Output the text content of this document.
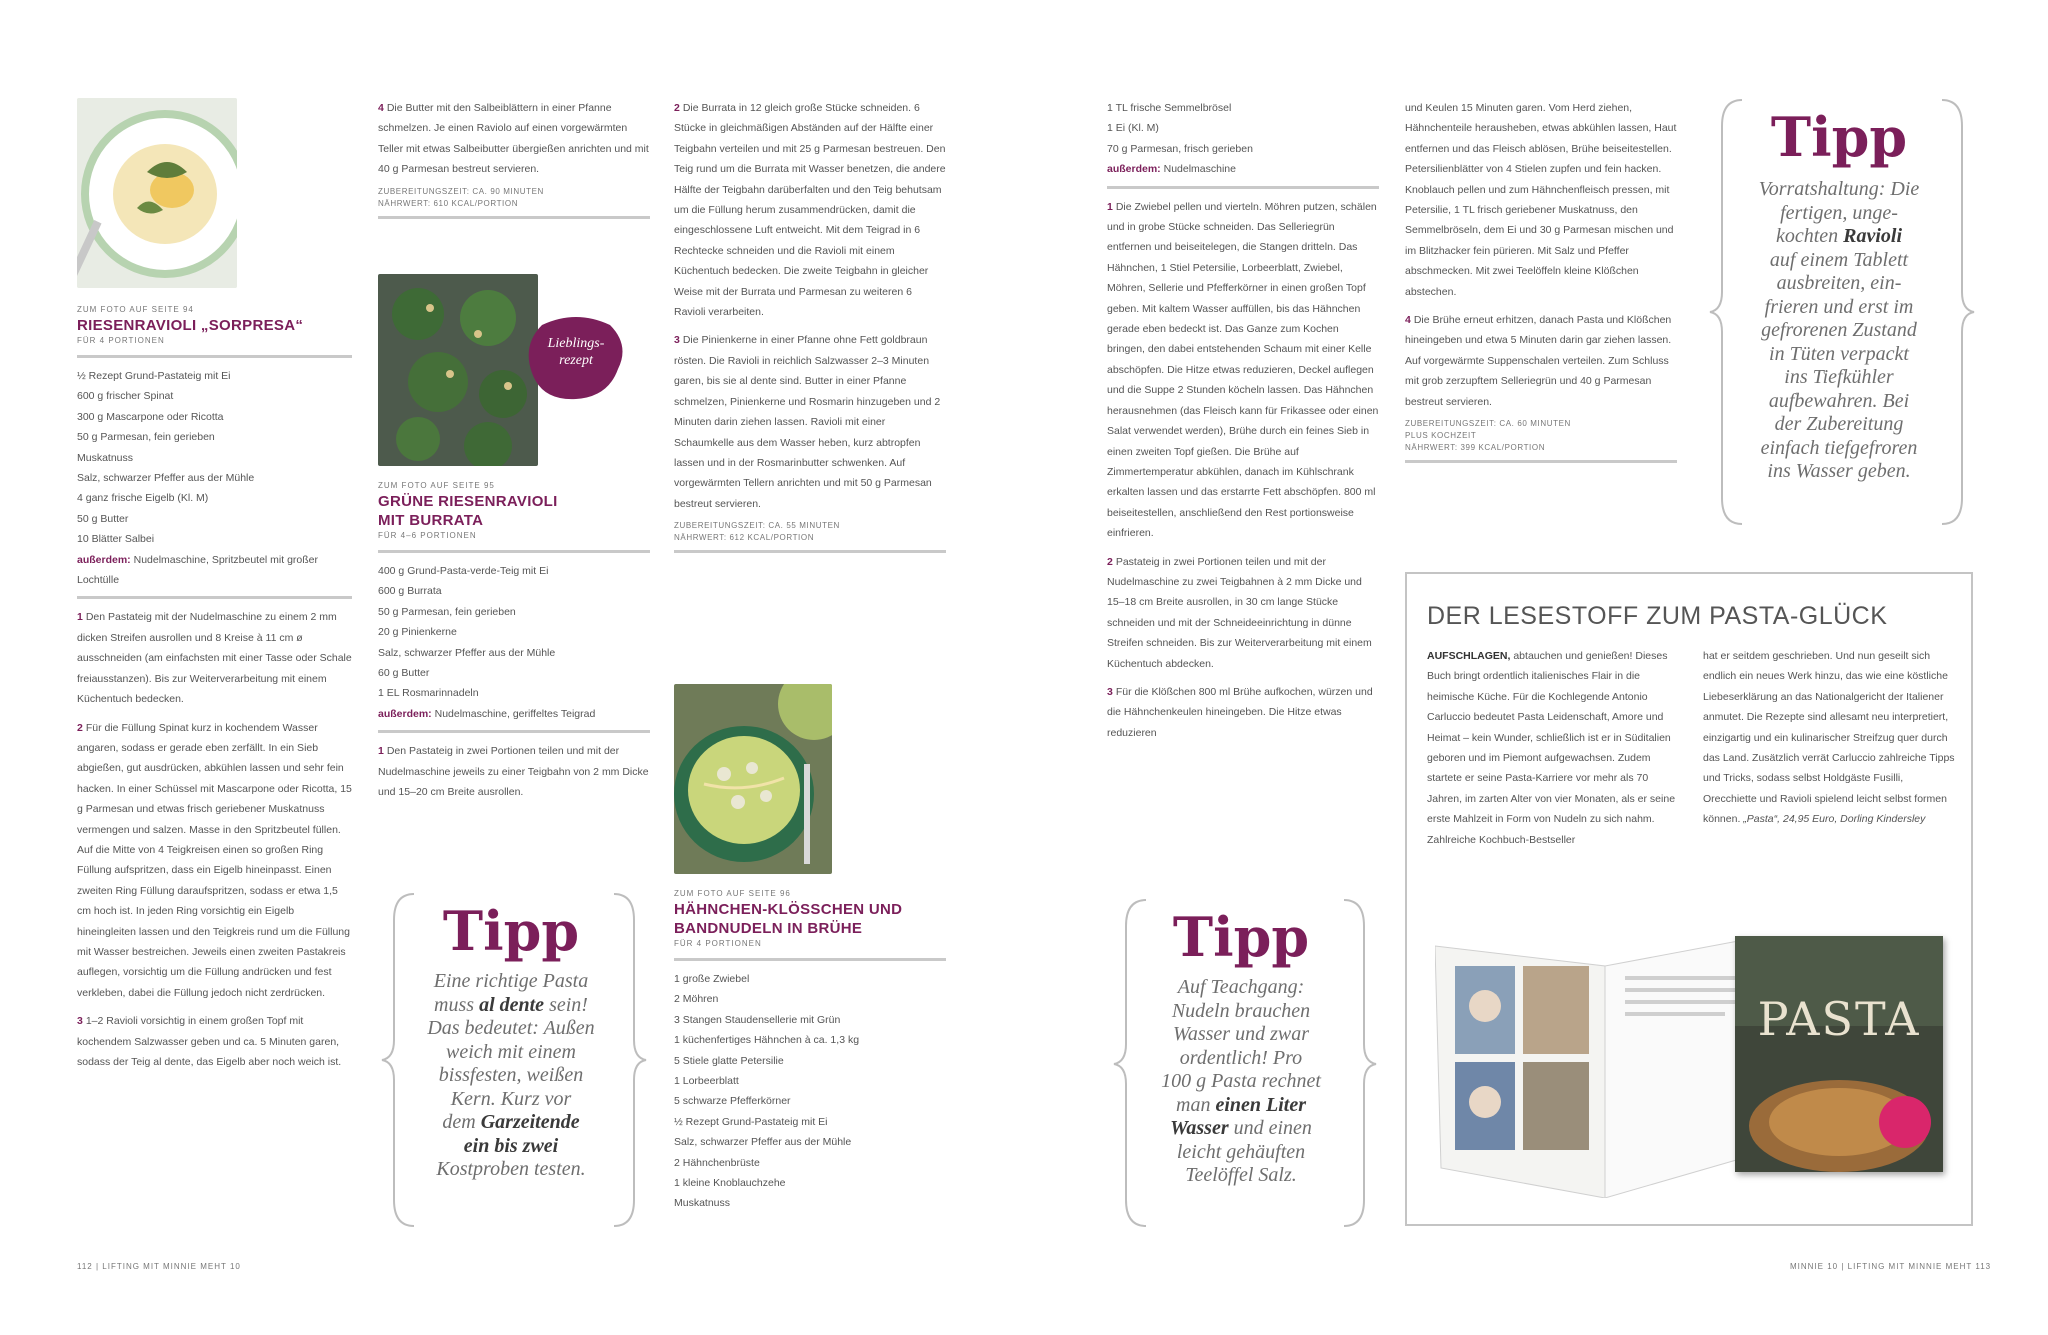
ZUM FOTO AUF SEITE 94
RIESENRAVIOLI „SORPRESA“
FÜR 4 PORTIONEN

½ Rezept Grund-Pastateig mit Ei

600 g frischer Spinat

300 g Mascarpone oder Ricotta

50 g Parmesan, fein gerieben

Muskatnuss

Salz, schwarzer Pfeffer aus der Mühle

4 ganz frische Eigelb (Kl. M)

50 g Butter

10 Blätter Salbei

außerdem: Nudelmaschine, Spritzbeutel mit großer Lochtülle

1 Den Pastateig mit der Nudelmaschine zu einem 2 mm dicken Streifen ausrollen und 8 Kreise à 11 cm ø ausschneiden (am einfachsten mit einer Tasse oder Schale freiausstanzen). Bis zur Weiterverarbeitung mit einem Küchentuch bedecken.

2 Für die Füllung Spinat kurz in kochendem Wasser angaren, sodass er gerade eben zerfällt. In ein Sieb abgießen, gut ausdrücken, abkühlen lassen und sehr fein hacken. In einer Schüssel mit Mascarpone oder Ricotta, 15 g Parmesan und etwas frisch geriebener Muskatnuss vermengen und salzen. Masse in den Spritzbeutel füllen. Auf die Mitte von 4 Teigkreisen einen so großen Ring Füllung aufspritzen, dass ein Eigelb hineinpasst. Einen zweiten Ring Füllung daraufspritzen, sodass er etwa 1,5 cm hoch ist. In jeden Ring vorsichtig ein Eigelb hineingleiten lassen und den Teigkreis rund um die Füllung mit Wasser bestreichen. Jeweils einen zweiten Pastakreis auflegen, vorsichtig um die Füllung andrücken und fest verkleben, dabei die Füllung jedoch nicht zerdrücken.

3 1–2 Ravioli vorsichtig in einem großen Topf mit kochendem Salzwasser geben und ca. 5 Minuten garen, sodass der Teig al dente, das Eigelb aber noch weich ist.

4 Die Butter mit den Salbeiblättern in einer Pfanne schmelzen. Je einen Raviolo auf einen vorgewärmten Teller mit etwas Salbeibutter übergießen anrichten und mit 40 g Parmesan bestreut servieren.

ZUBEREITUNGSZEIT: CA. 90 MINUTEN
NÄHRWERT: 610 KCAL/PORTION
Lieblings-rezept
ZUM FOTO AUF SEITE 95
GRÜNE RIESENRAVIOLI
MIT BURRATA
FÜR 4–6 PORTIONEN

400 g Grund-Pasta-verde-Teig mit Ei

600 g Burrata

50 g Parmesan, fein gerieben

20 g Pinienkerne

Salz, schwarzer Pfeffer aus der Mühle

60 g Butter

1 EL Rosmarinnadeln

außerdem: Nudelmaschine, geriffeltes Teigrad

1 Den Pastateig in zwei Portionen teilen und mit der Nudelmaschine jeweils zu einer Teigbahn von 2 mm Dicke und 15–20 cm Breite ausrollen.

Tipp
Eine richtige Pasta
muss al dente sein!
Das bedeutet: Außen
weich mit einem
bissfesten, weißen
Kern. Kurz vor
dem Garzeitende
ein bis zwei
Kostproben testen.

2 Die Burrata in 12 gleich große Stücke schneiden. 6 Stücke in gleichmäßigen Abständen auf der Hälfte einer Teigbahn verteilen und mit 25 g Parmesan bestreuen. Den Teig rund um die Burrata mit Wasser benetzen, die andere Hälfte der Teigbahn darüberfalten und den Teig behutsam um die Füllung herum zusammendrücken, damit die eingeschlossene Luft entweicht. Mit dem Teigrad in 6 Rechtecke schneiden und die Ravioli mit einem Küchentuch bedecken. Die zweite Teigbahn in gleicher Weise mit der Burrata und Parmesan zu weiteren 6 Ravioli verarbeiten.

3 Die Pinienkerne in einer Pfanne ohne Fett goldbraun rösten. Die Ravioli in reichlich Salzwasser 2–3 Minuten garen, bis sie al dente sind. Butter in einer Pfanne schmelzen, Pinienkerne und Rosmarin hinzugeben und 2 Minuten darin ziehen lassen. Ravioli mit einer Schaumkelle aus dem Wasser heben, kurz abtropfen lassen und in der Rosmarinbutter schwenken. Auf vorgewärmten Tellern anrichten und mit 50 g Parmesan bestreut servieren.

ZUBEREITUNGSZEIT: CA. 55 MINUTEN
NÄHRWERT: 612 KCAL/PORTION
ZUM FOTO AUF SEITE 96
HÄHNCHEN-KLÖSSCHEN UND
BANDNUDELN IN BRÜHE
FÜR 4 PORTIONEN

1 große Zwiebel

2 Möhren

3 Stangen Staudensellerie mit Grün

1 küchenfertiges Hähnchen à ca. 1,3 kg

5 Stiele glatte Petersilie

1 Lorbeerblatt

5 schwarze Pfefferkörner

½ Rezept Grund-Pastateig mit Ei

Salz, schwarzer Pfeffer aus der Mühle

2 Hähnchenbrüste

1 kleine Knoblauchzehe

Muskatnuss

112 | LIFTING MIT MINNIE MEHT 10

1 TL frische Semmelbrösel

1 Ei (Kl. M)

70 g Parmesan, frisch gerieben

außerdem: Nudelmaschine

1 Die Zwiebel pellen und vierteln. Möhren putzen, schälen und in grobe Stücke schneiden. Das Selleriegrün entfernen und beiseitelegen, die Stangen dritteln. Das Hähnchen, 1 Stiel Petersilie, Lorbeerblatt, Zwiebel, Möhren, Sellerie und Pfefferkörner in einen großen Topf geben. Mit kaltem Wasser auffüllen, bis das Hähnchen gerade eben bedeckt ist. Das Ganze zum Kochen bringen, den dabei entstehenden Schaum mit einer Kelle abschöpfen. Die Hitze etwas reduzieren, Deckel auflegen und die Suppe 2 Stunden köcheln lassen. Das Hähnchen herausnehmen (das Fleisch kann für Frikassee oder einen Salat verwendet werden), Brühe durch ein feines Sieb in einen zweiten Topf gießen. Die Brühe auf Zimmertemperatur abkühlen, danach im Kühlschrank erkalten lassen und das erstarrte Fett abschöpfen. 800 ml beiseitestellen, anschließend den Rest portionsweise einfrieren.

2 Pastateig in zwei Portionen teilen und mit der Nudelmaschine zu zwei Teigbahnen à 2 mm Dicke und 15–18 cm Breite ausrollen, in 30 cm lange Stücke schneiden und mit der Schneideeinrichtung in dünne Streifen schneiden. Bis zur Weiterverarbeitung mit einem Küchentuch abdecken.

3 Für die Klößchen 800 ml Brühe aufkochen, würzen und die Hähnchenkeulen hineingeben. Die Hitze etwas reduzieren

und Keulen 15 Minuten garen. Vom Herd ziehen, Hähnchenteile herausheben, etwas abkühlen lassen, Haut entfernen und das Fleisch ablösen, Brühe beiseitestellen. Petersilienblätter von 4 Stielen zupfen und fein hacken. Knoblauch pellen und zum Hähnchenfleisch pressen, mit Petersilie, 1 TL frisch geriebener Muskatnuss, den Semmelbröseln, dem Ei und 30 g Parmesan mischen und im Blitzhacker fein pürieren. Mit Salz und Pfeffer abschmecken. Mit zwei Teelöffeln kleine Klößchen abstechen.

4 Die Brühe erneut erhitzen, danach Pasta und Klößchen hineingeben und etwa 5 Minuten darin gar ziehen lassen. Auf vorgewärmte Suppenschalen verteilen. Zum Schluss mit grob zerzupftem Selleriegrün und 40 g Parmesan bestreut servieren.

ZUBEREITUNGSZEIT: CA. 60 MINUTEN
PLUS KOCHZEIT
NÄHRWERT: 399 KCAL/PORTION
Tipp
Vorratshaltung: Die
fertigen, unge-
kochten Ravioli
auf einem Tablett
ausbreiten, ein-
frieren und erst im
gefrorenen Zustand
in Tüten verpackt
ins Tiefkühler
aufbewahren. Bei
der Zubereitung
einfach tiefgefroren
ins Wasser geben.
Tipp
Auf Teachgang:
Nudeln brauchen
Wasser und zwar
ordentlich! Pro
100 g Pasta rechnet
man einen Liter
Wasser und einen
leicht gehäuften
Teelöffel Salz.
DER LESESTOFF ZUM PASTA-GLÜCK
AUFSCHLAGEN, abtauchen und genießen! Dieses Buch bringt ordentlich italienisches Flair in die heimische Küche. Für die Kochlegende Antonio Carluccio bedeutet Pasta Leidenschaft, Amore und Heimat – kein Wunder, schließlich ist er in Süditalien geboren und im Piemont aufgewachsen. Zudem startete er seine Pasta-Karriere vor mehr als 70 Jahren, im zarten Alter von vier Monaten, als er seine erste Mahlzeit in Form von Nudeln zu sich nahm. Zahlreiche Kochbuch-Bestseller
hat er seitdem geschrieben. Und nun geseilt sich endlich ein neues Werk hinzu, das wie eine köstliche Liebeserklärung an das Nationalgericht der Italiener anmutet. Die Rezepte sind allesamt neu interpretiert, einzigartig und ein kulinarischer Streifzug quer durch das Land. Zusätzlich verrät Carluccio zahlreiche Tipps und Tricks, sodass selbst Holdgäste Fusilli, Orecchiette und Ravioli spielend leicht selbst formen können. „Pasta“, 24,95 Euro, Dorling Kindersley
PASTA
MINNIE 10 | LIFTING MIT MINNIE MEHT 113
